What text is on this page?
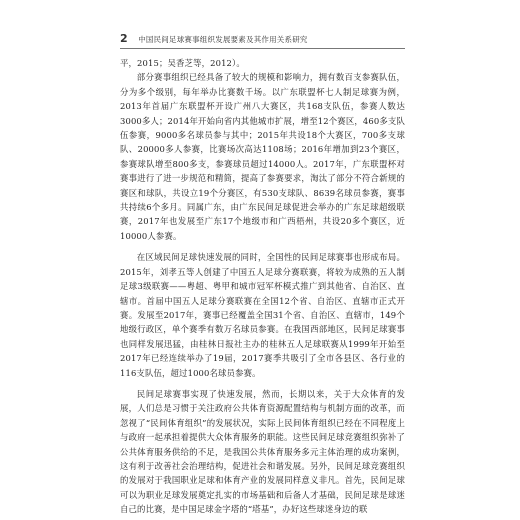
2 中国民间足球赛事组织发展要素及其作用关系研究

平，2015；吴香芝等，2012）。

部分赛事组织已经具备了较大的规模和影响力，拥有数百支参赛队伍，分为多个级别，每年举办比赛数千场。以广东联盟杯七人制足球赛为例，2013年首届广东联盟杯开设广州八大赛区，共168支队伍，参赛人数达3000多人；2014年开始向省内其他城市扩展，增至12个赛区，460多支队伍参赛，9000多名球员参与其中；2015年共设18个大赛区，700多支球队、20000多人参赛，比赛场次高达1108场；2016年增加到23个赛区，参赛球队增至800多支，参赛球员超过14000人。2017年，广东联盟杯对赛事进行了进一步规范和精简，提高了参赛要求，淘汰了部分不符合新规的赛区和球队，共设立19个分赛区，有530支球队、8639名球员参赛，赛事共持续6个多月。同属广东，由广东民间足球促进会举办的广东足球超级联赛，2017年也发展至广东17个地级市和广西梧州，共设20多个赛区，近10000人参赛。

在区域民间足球快速发展的同时，全国性的民间足球赛事也形成布局。2015年，刘孝五等人创建了中国五人足球分赛联赛，将较为成熟的五人制足球3级联赛——粤超、粤甲和城市冠军杯模式推广到其他省、自治区、直辖市。首届中国五人足球分赛联赛在全国12个省、自治区、直辖市正式开赛。发展至2017年，赛事已经覆盖全国31个省、自治区、直辖市，149个地级行政区，单个赛季有数万名球员参赛。在我国西部地区，民间足球赛事也同样发展迅猛，由桂林日报社主办的桂林五人足球联赛从1999年开始至2017年已经连续举办了19届，2017赛季共吸引了全市各县区、各行业的116支队伍，超过1000名球员参赛。

民间足球赛事实现了快速发展，然而，长期以来，关于大众体育的发展，人们总是习惯于关注政府公共体育资源配置结构与机制方面的改革，而忽视了“民间体育组织”的发展状况，实际上民间体育组织已经在不同程度上与政府一起承担着提供大众体育服务的职能。这些民间足球竞赛组织弥补了公共体育服务供给的不足，是我国公共体育服务多元主体治理的成功案例，这有利于改善社会治理结构，促进社会和谐发展。另外，民间足球竞赛组织的发展对于我国职业足球和体育产业的发展同样意义非凡。首先，民间足球可以为职业足球发展奠定扎实的市场基础和后备人才基础，民间足球是球迷自己的比赛，是中国足球金字塔的“塔基”，办好这些球迷身边的联
